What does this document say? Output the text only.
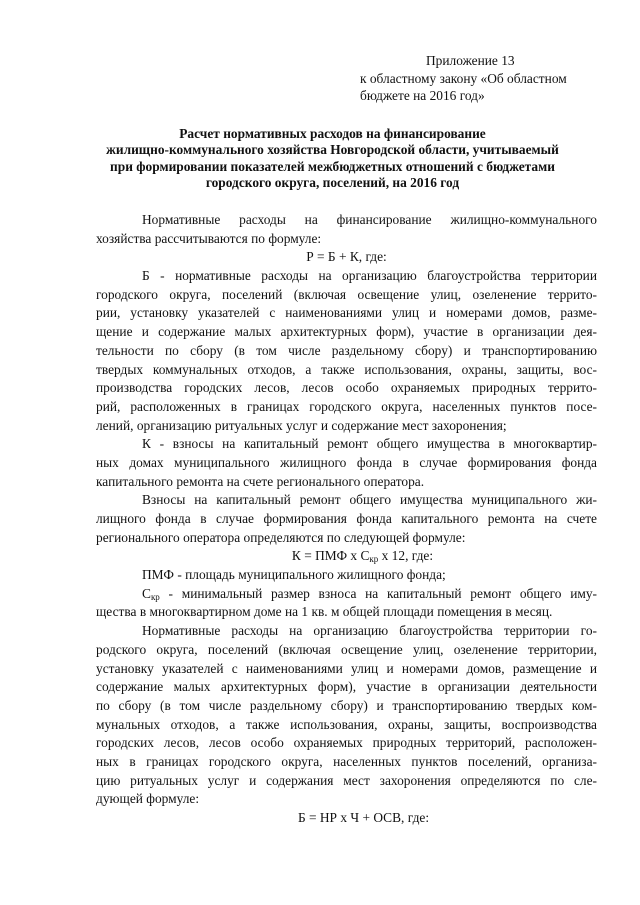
Приложение 13
к областному закону «Об областном
бюджете на 2016 год»
Расчет нормативных расходов на финансирование
жилищно-коммунального хозяйства Новгородской области, учитываемый
при формировании показателей межбюджетных отношений с бюджетами
городского округа, поселений, на 2016 год
Нормативные расходы на финансирование жилищно-коммунального
хозяйства рассчитываются по формуле:
Р = Б + К, где:
Б - нормативные расходы на организацию благоустройства территории
городского округа, поселений (включая освещение улиц, озеленение террито-
рии, установку указателей с наименованиями улиц и номерами домов, разме-
щение и содержание малых архитектурных форм), участие в организации дея-
тельности по сбору (в том числе раздельному сбору) и транспортированию
твердых коммунальных отходов, а также использования, охраны, защиты, вос-
производства городских лесов, лесов особо охраняемых природных террито-
рий, расположенных в границах городского округа, населенных пунктов посе-
лений, организацию ритуальных услуг и содержание мест захоронения;
К - взносы на капитальный ремонт общего имущества в многоквартир-
ных домах муниципального жилищного фонда в случае формирования фонда
капитального ремонта на счете регионального оператора.
Взносы на капитальный ремонт общего имущества муниципального жи-
лищного фонда в случае формирования фонда капитального ремонта на счете
регионального оператора определяются по следующей формуле:
К = ПМФ х $С_{кр}$ х 12, где:
ПМФ - площадь муниципального жилищного фонда;
$С_{кр}$ - минимальный размер взноса на капитальный ремонт общего иму-
щества в многоквартирном доме на 1 кв. м общей площади помещения в месяц.
Нормативные расходы на организацию благоустройства территории го-
родского округа, поселений (включая освещение улиц, озеленение территории,
установку указателей с наименованиями улиц и номерами домов, размещение и
содержание малых архитектурных форм), участие в организации деятельности
по сбору (в том числе раздельному сбору) и транспортированию твердых ком-
мунальных отходов, а также использования, охраны, защиты, воспроизводства
городских лесов, лесов особо охраняемых природных территорий, расположен-
ных в границах городского округа, населенных пунктов поселений, организа-
цию ритуальных услуг и содержания мест захоронения определяются по сле-
дующей формуле:
Б = НР х Ч + ОСВ, где:
